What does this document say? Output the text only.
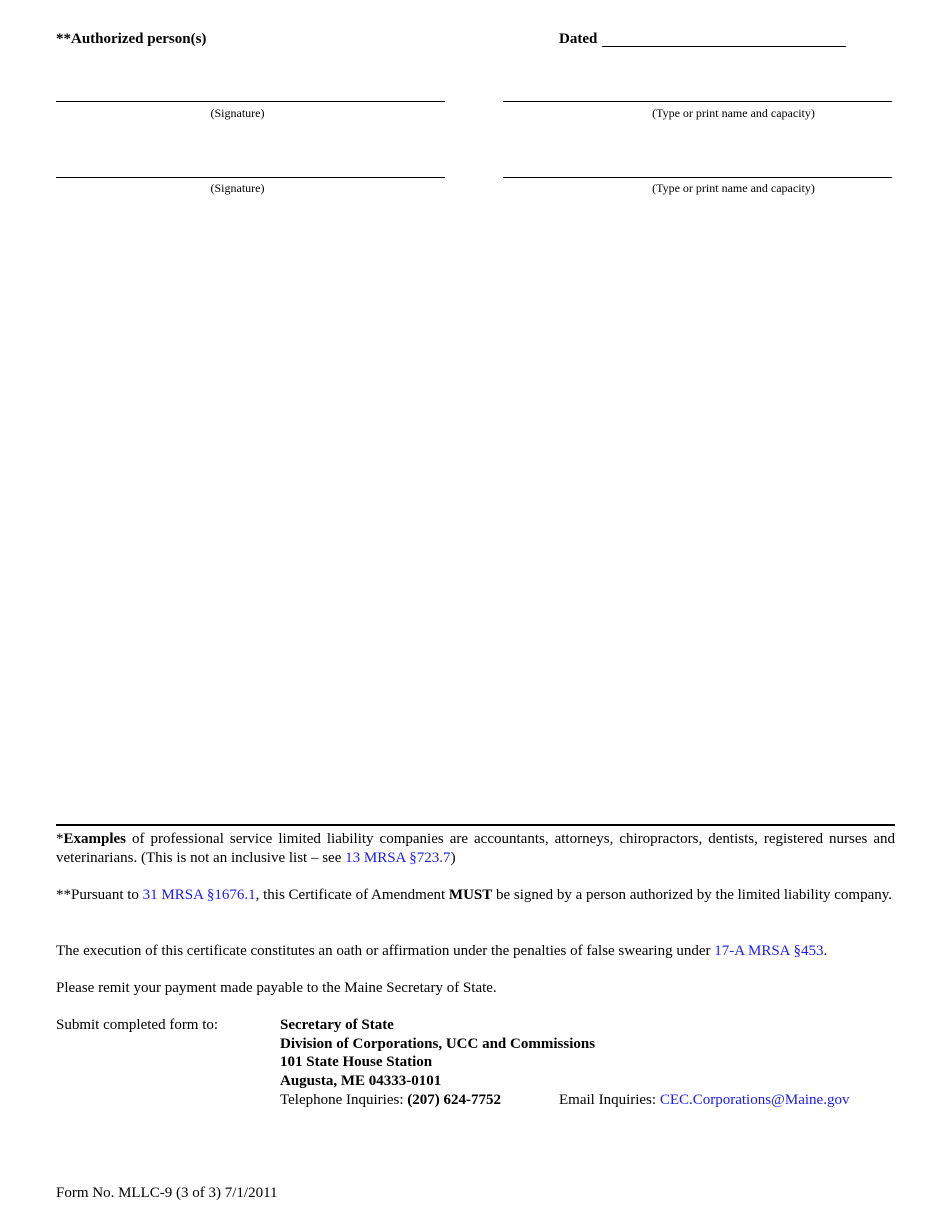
**Authorized person(s)	Dated
(Signature)	(Type or print name and capacity)
(Signature)	(Type or print name and capacity)
*Examples of professional service limited liability companies are accountants, attorneys, chiropractors, dentists, registered nurses and veterinarians. (This is not an inclusive list – see 13 MRSA §723.7)
**Pursuant to 31 MRSA §1676.1, this Certificate of Amendment MUST be signed by a person authorized by the limited liability company.
The execution of this certificate constitutes an oath or affirmation under the penalties of false swearing under 17-A MRSA §453.
Please remit your payment made payable to the Maine Secretary of State.
Submit completed form to:	Secretary of State
Division of Corporations, UCC and Commissions
101 State House Station
Augusta, ME 04333-0101
Telephone Inquiries: (207) 624-7752	Email Inquiries: CEC.Corporations@Maine.gov
Form No. MLLC-9 (3 of 3) 7/1/2011
